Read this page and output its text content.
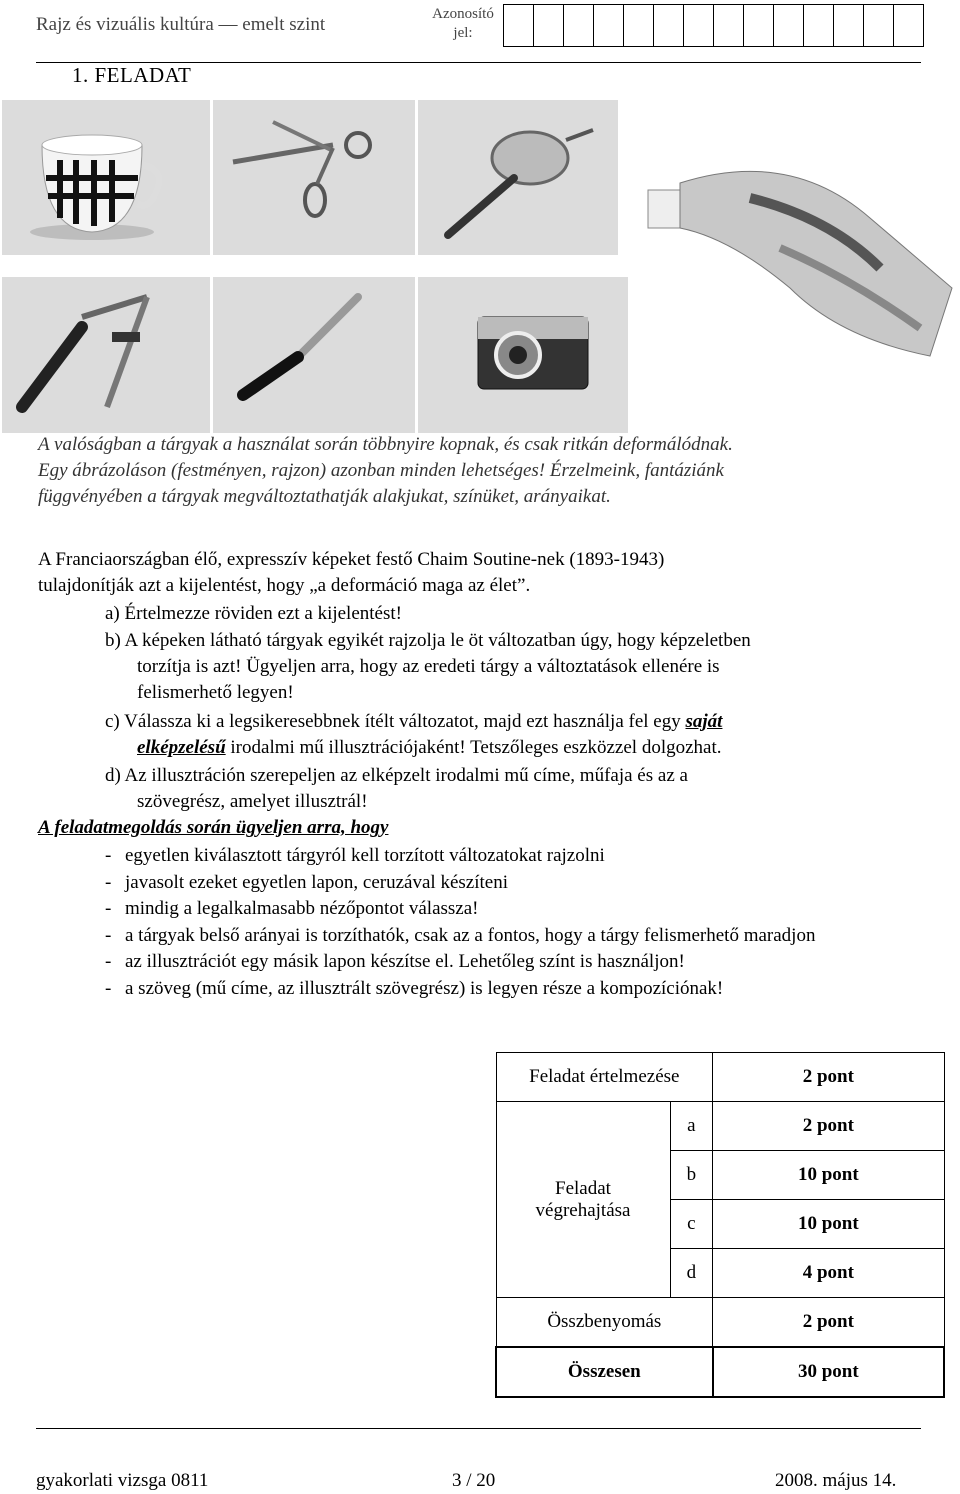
Rajz és vizuális kultúra — emelt szint	Azonosító
jel:
1. FELADAT
A valóságban a tárgyak a használat során többnyire kopnak, és csak ritkán deformálódnak.
Egy ábrázoláson (festményen, rajzon) azonban minden lehetséges! Érzelmeink, fantáziánk
függvényében a tárgyak megváltoztathatják alakjukat, színüket, arányaikat.
A Franciaországban élő, expresszív képeket festő Chaim Soutine-nek (1893-1943)
tulajdonítják azt a kijelentést, hogy „a deformáció maga az élet”.
a) Értelmezze röviden ezt a kijelentést!
b) A képeken látható tárgyak egyikét rajzolja le öt változatban úgy, hogy képzeletben
torzítja is azt! Ügyeljen arra, hogy az eredeti tárgy a változtatások ellenére is
felismerhető legyen!
c) Válassza ki a legsikeresebbnek ítélt változatot, majd ezt használja fel egy saját
elképzelésű irodalmi mű illusztrációjaként! Tetszőleges eszközzel dolgozhat.
d) Az illusztráción szerepeljen az elképzelt irodalmi mű címe, műfaja és az a
szövegrész, amelyet illusztrál!
A feladatmegoldás során ügyeljen arra, hogy
- egyetlen kiválasztott tárgyról kell torzított változatokat rajzolni
- javasolt ezeket egyetlen lapon, ceruzával készíteni
- mindig a legalkalmasabb nézőpontot válassza!
- a tárgyak belső arányai is torzíthatók, csak az a fontos, hogy a tárgy felismerhető maradjon
- az illusztrációt egy másik lapon készítse el. Lehetőleg színt is használjon!
- a szöveg (mű címe, az illusztrált szövegrész) is legyen része a kompozíciónak!
Feladat értelmezése		2 pont

Feladat
végrehajtása	a	2 pont
	b	10 pont
	c	10 pont
	d	4 pont
Összbenyomás		2 pont
Összesen		30 pont
gyakorlati vizsga 0811	3 / 20	2008. május 14.
